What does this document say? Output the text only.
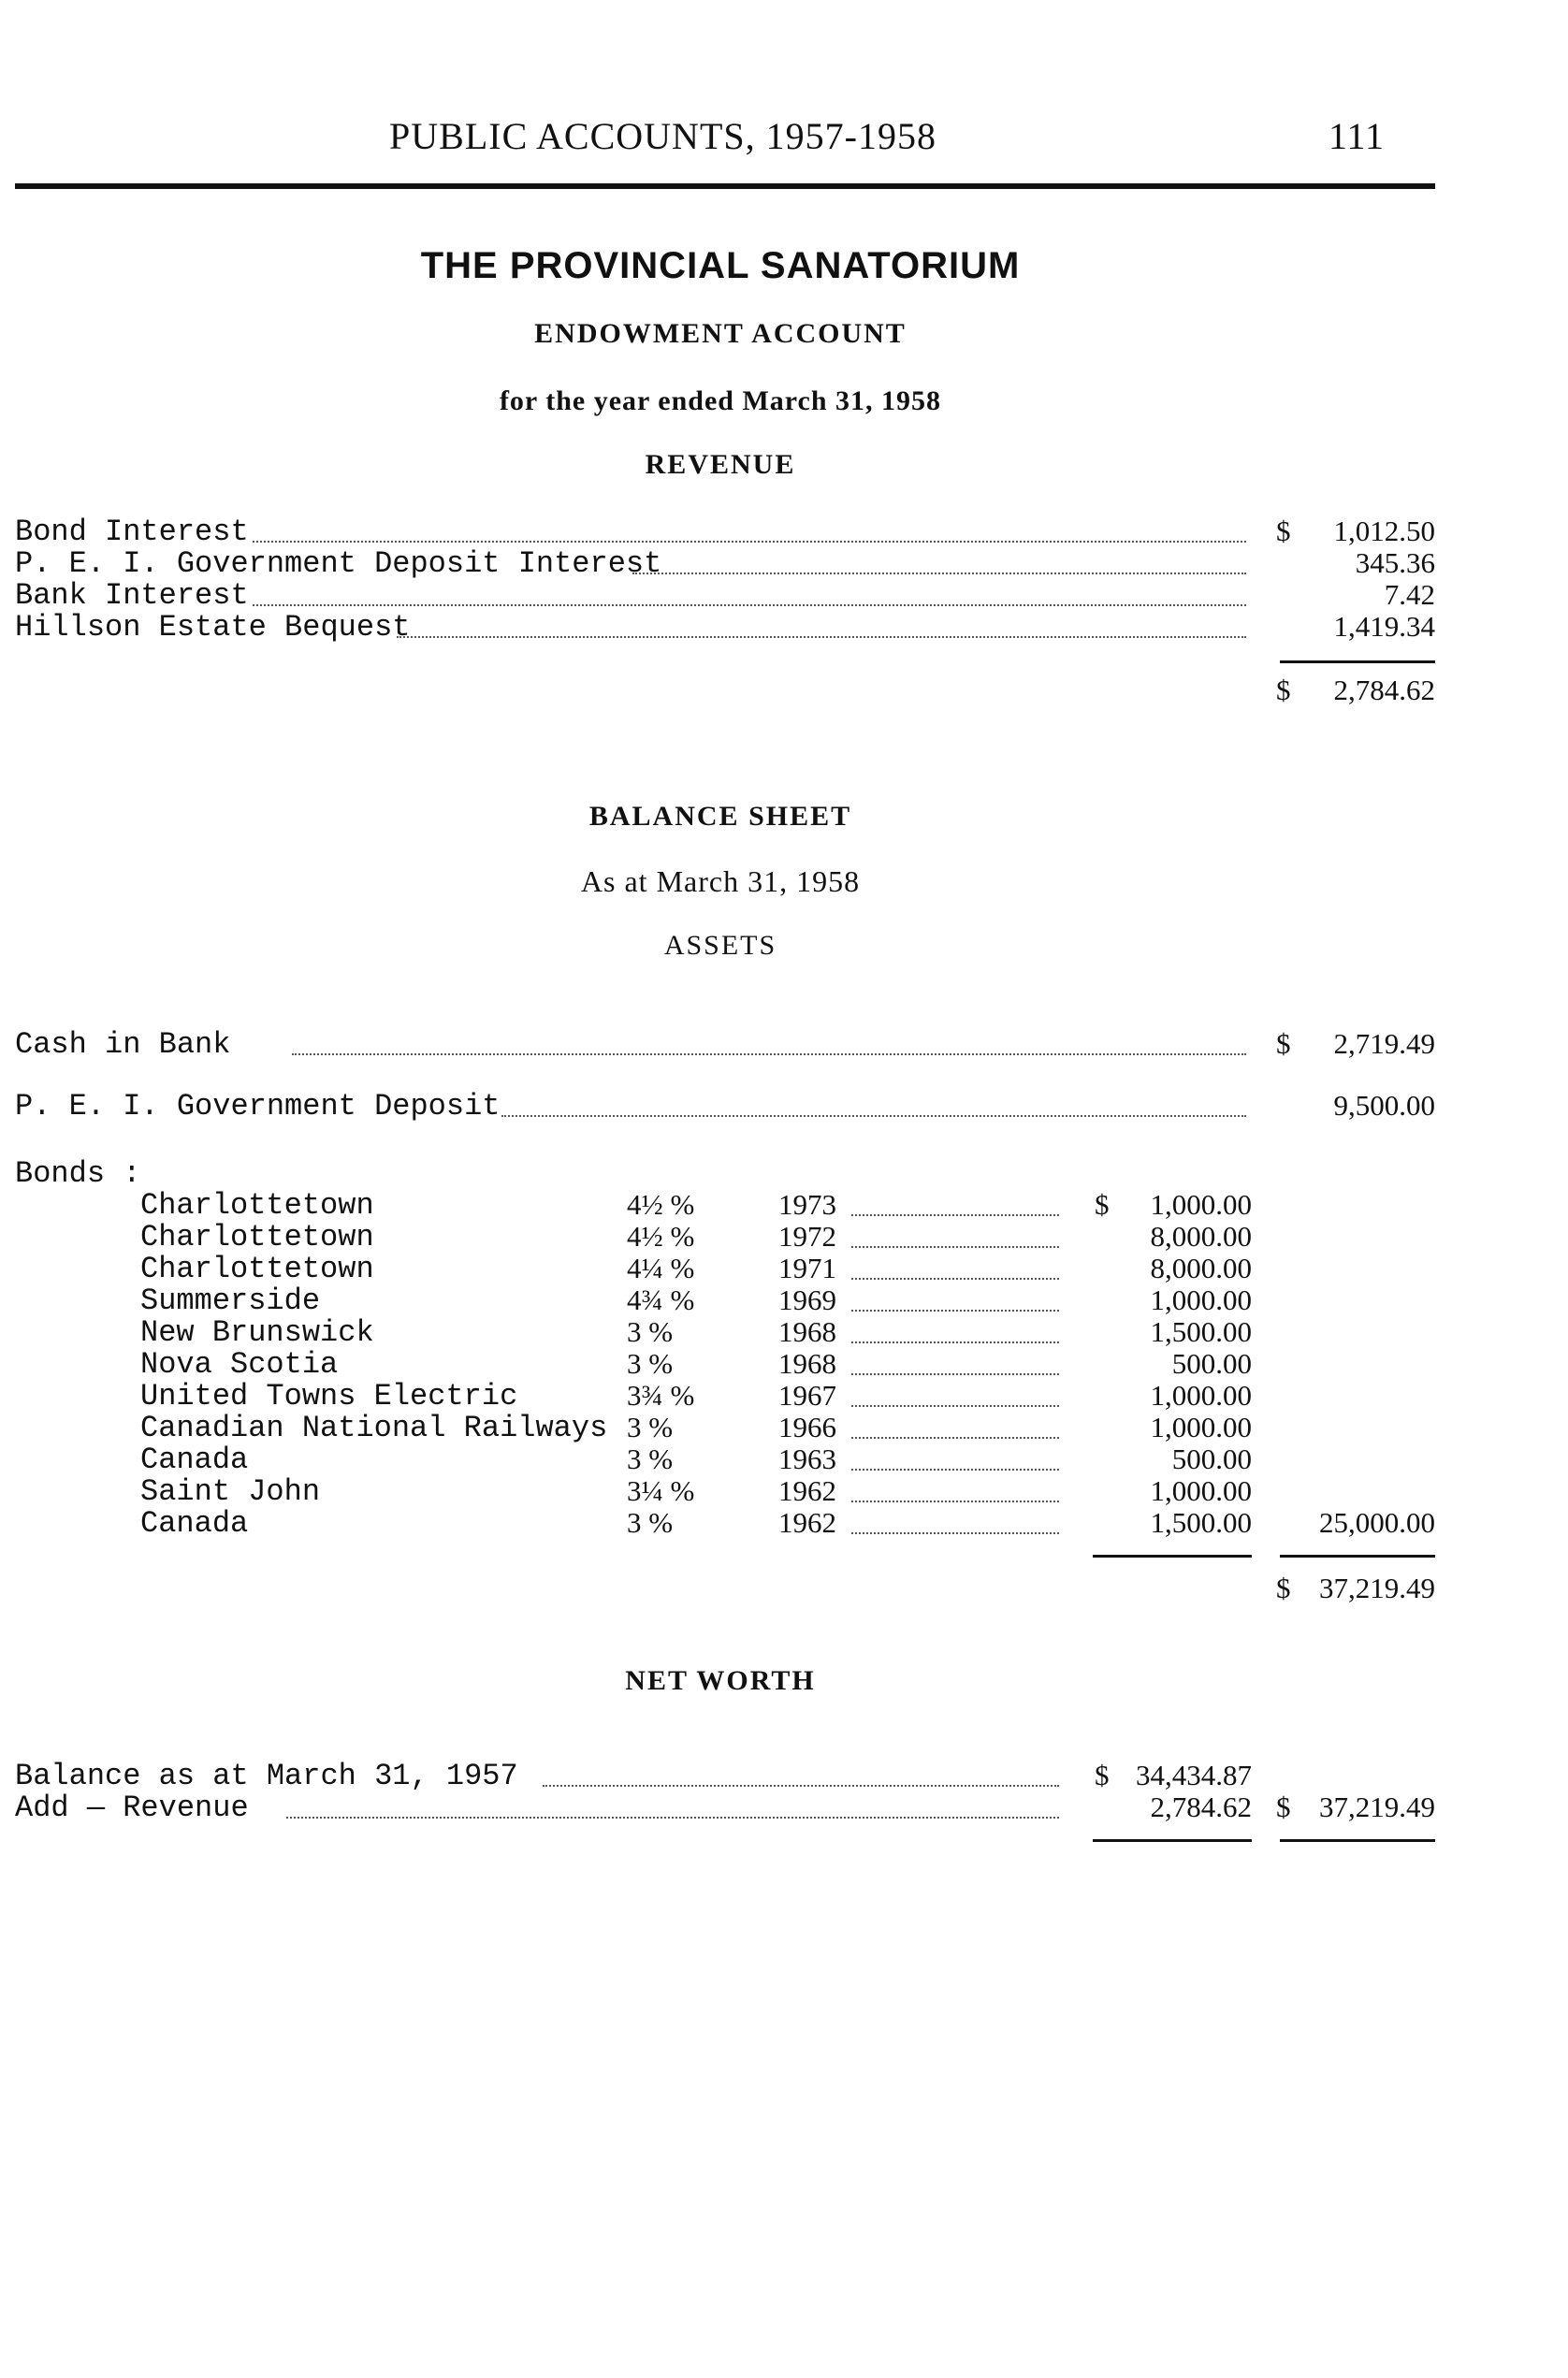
PUBLIC ACCOUNTS, 1957-1958	111
THE PROVINCIAL SANATORIUM
ENDOWMENT ACCOUNT
for the year ended March 31, 1958
REVENUE
Bond Interest	$	1,012.50
P. E. I. Government Deposit Interest	345.36
Bank Interest	7.42
Hillson Estate Bequest	1,419.34
$	2,784.62
BALANCE SHEET
As at March 31, 1958
ASSETS
Cash in Bank	$	2,719.49
P. E. I. Government Deposit	9,500.00
Bonds :
Charlottetown	4½ %	1973	$	1,000.00
Charlottetown	4½ %	1972	8,000.00
Charlottetown	4¼ %	1971	8,000.00
Summerside	4¾ %	1969	1,000.00
New Brunswick	3 %	1968	1,500.00
Nova Scotia	3 %	1968	500.00
United Towns Electric	3¾ %	1967	1,000.00
Canadian National Railways 3 %	1966	1,000.00
Canada	3 %	1963	500.00
Saint John	3¼ %	1962	1,000.00
Canada	3 %	1962	1,500.00	25,000.00
$ 37,219.49
NET WORTH
Balance as at March 31, 1957	$ 34,434.87
Add — Revenue	2,784.62 $ 37,219.49
